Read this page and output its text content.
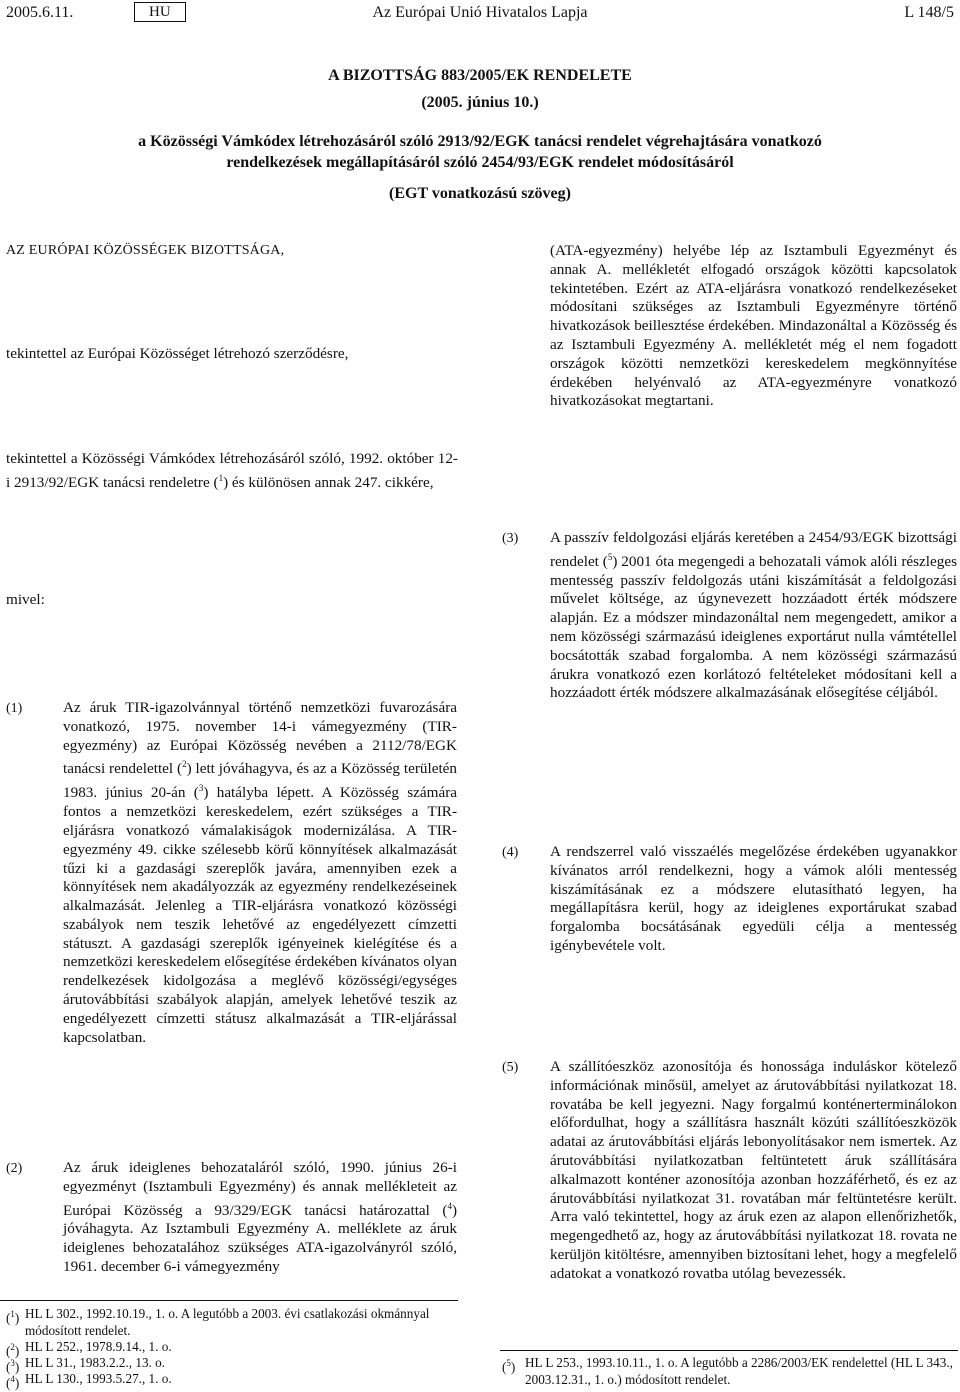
2005.6.11.	HU	Az Európai Unió Hivatalos Lapja	L 148/5
A BIZOTTSÁG 883/2005/EK RENDELETE
(2005. június 10.)
a Közösségi Vámkódex létrehozásáról szóló 2913/92/EGK tanácsi rendelet végrehajtására vonatkozó
rendelkezések megállapításáról szóló 2454/93/EGK rendelet módosításáról
(EGT vonatkozású szöveg)
AZ EURÓPAI KÖZÖSSÉGEK BIZOTTSÁGA,
tekintettel az Európai Közösséget létrehozó szerződésre,
tekintettel a Közösségi Vámkódex létrehozásáról szóló, 1992. október 12-i 2913/92/EGK tanácsi rendeletre ($^1$) és különösen annak 247. cikkére,
mivel:
(1)	Az áruk TIR-igazolvánnyal történő nemzetközi fuvarozására vonatkozó, 1975. november 14-i vámegyezmény (TIR-egyezmény) az Európai Közösség nevében a 2112/78/EGK tanácsi rendelettel ($^2$) lett jóváhagyva, és az a Közösség területén 1983. június 20-án ($^3$) hatályba lépett. A Közösség számára fontos a nemzetközi kereskedelem, ezért szükséges a TIR-eljárásra vonatkozó vámalakiságok modernizálása. A TIR-egyezmény 49. cikke szélesebb körű könnyítések alkalmazását tűzi ki a gazdasági szereplők javára, amennyiben ezek a könnyítések nem akadályozzák az egyezmény rendelkezéseinek alkalmazását. Jelenleg a TIR-eljárásra vonatkozó közösségi szabályok nem teszik lehetővé az engedélyezett címzetti státuszt. A gazdasági szereplők igényeinek kielégítése és a nemzetközi kereskedelem elősegítése érdekében kívánatos olyan rendelkezések kidolgozása a meglévő közösségi/egységes árutovábbítási szabályok alapján, amelyek lehetővé teszik az engedélyezett címzetti státusz alkalmazását a TIR-eljárással kapcsolatban.
(2)	Az áruk ideiglenes behozataláról szóló, 1990. június 26-i egyezményt (Isztambuli Egyezmény) és annak mellékleteit az Európai Közösség a 93/329/EGK tanácsi határozattal ($^4$) jóváhagyta. Az Isztambuli Egyezmény A. melléklete az áruk ideiglenes behozatalához szükséges ATA-igazolványról szóló, 1961. december 6-i vámegyezmény
($^1$) HL L 302., 1992.10.19., 1. o. A legutóbb a 2003. évi csatlakozási okmánnyal módosított rendelet.
($^2$) HL L 252., 1978.9.14., 1. o.
($^3$) HL L 31., 1983.2.2., 13. o.
($^4$) HL L 130., 1993.5.27., 1. o.
(ATA-egyezmény) helyébe lép az Isztambuli Egyezményt és annak A. mellékletét elfogadó országok közötti kapcsolatok tekintetében. Ezért az ATA-eljárásra vonatkozó rendelkezéseket módosítani szükséges az Isztambuli Egyezményre történő hivatkozások beillesztése érdekében. Mindazonáltal a Közösség és az Isztambuli Egyezmény A. mellékletét még el nem fogadott országok közötti nemzetközi kereskedelem megkönnyítése érdekében helyénvaló az ATA-egyezményre vonatkozó hivatkozásokat megtartani.
(3) A passzív feldolgozási eljárás keretében a 2454/93/EGK bizottsági rendelet ($^5$) 2001 óta megengedi a behozatali vámok alóli részleges mentesség passzív feldolgozás utáni kiszámítását a feldolgozási művelet költsége, az úgynevezett hozzáadott érték módszere alapján. Ez a módszer mindazonáltal nem megengedett, amikor a nem közösségi származású ideiglenes exportárut nulla vámtétellel bocsátották szabad forgalomba. A nem közösségi származású árukra vonatkozó ezen korlátozó feltételeket módosítani kell a hozzáadott érték módszere alkalmazásának elősegítése céljából.
(4) A rendszerrel való visszaélés megelőzése érdekében ugyanakkor kívánatos arról rendelkezni, hogy a vámok alóli mentesség kiszámításának ez a módszere elutasítható legyen, ha megállapításra kerül, hogy az ideiglenes exportárukat szabad forgalomba bocsátásának egyedüli célja a mentesség igénybevétele volt.
(5) A szállítóeszköz azonosítója és honossága induláskor kötelező információnak minősül, amelyet az árutovábbítási nyilatkozat 18. rovatába be kell jegyezni. Nagy forgalmú konténerterminálokon előfordulhat, hogy a szállításra használt közúti szállítóeszközök adatai az árutovábbítási eljárás lebonyolításakor nem ismertek. Az árutovábbítási nyilatkozatban feltüntetett áruk szállítására alkalmazott konténer azonosítója azonban hozzáférhető, és ez az árutovábbítási nyilatkozat 31. rovatában már feltüntetésre került. Arra való tekintettel, hogy az áruk ezen az alapon ellenőrizhetők, megengedhető az, hogy az árutovábbítási nyilatkozat 18. rovata ne kerüljön kitöltésre, amennyiben biztosítani lehet, hogy a megfelelő adatokat a vonatkozó rovatba utólag bevezessék.
($^5$) HL L 253., 1993.10.11., 1. o. A legutóbb a 2286/2003/EK rendelettel (HL L 343., 2003.12.31., 1. o.) módosított rendelet.
